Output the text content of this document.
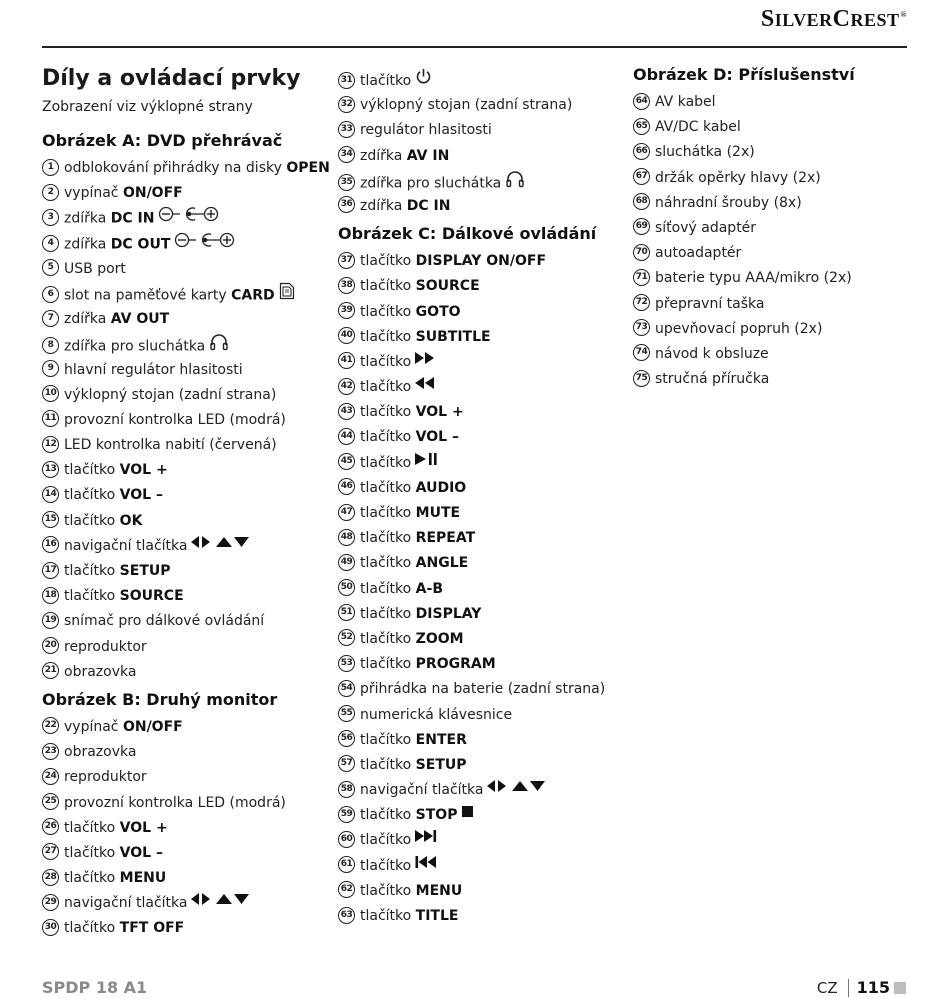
SILVERCREST®
Díly a ovládací prvky

Zobrazení viz výklopné strany

Obrázek A: DVD přehrávač
1 odblokování přihrádky na disky OPEN
2 vypínač ON/OFF
3 zdířka DC IN
4 zdířka DC OUT
5 USB port
6 slot na paměťové karty CARD
7 zdířka AV OUT
8 zdířka pro sluchátka
9 hlavní regulátor hlasitosti
10 výklopný stojan (zadní strana)
11 provozní kontrolka LED (modrá)
12 LED kontrolka nabití (červená)
13 tlačítko VOL +
14 tlačítko VOL –
15 tlačítko OK
16 navigační tlačítka
17 tlačítko SETUP
18 tlačítko SOURCE
19 snímač pro dálkové ovládání
20 reproduktor
21 obrazovka
Obrázek B: Druhý monitor
22 vypínač ON/OFF
23 obrazovka
24 reproduktor
25 provozní kontrolka LED (modrá)
26 tlačítko VOL +
27 tlačítko VOL –
28 tlačítko MENU
29 navigační tlačítka
30 tlačítko TFT OFF
31 tlačítko
32 výklopný stojan (zadní strana)
33 regulátor hlasitosti
34 zdířka AV IN
35 zdířka pro sluchátka
36 zdířka DC IN
Obrázek C: Dálkové ovládání
37 tlačítko DISPLAY ON/OFF
38 tlačítko SOURCE
39 tlačítko GOTO
40 tlačítko SUBTITLE
41 tlačítko
42 tlačítko
43 tlačítko VOL +
44 tlačítko VOL –
45 tlačítko
46 tlačítko AUDIO
47 tlačítko MUTE
48 tlačítko REPEAT
49 tlačítko ANGLE
50 tlačítko A-B
51 tlačítko DISPLAY
52 tlačítko ZOOM
53 tlačítko PROGRAM
54 přihrádka na baterie (zadní strana)
55 numerická klávesnice
56 tlačítko ENTER
57 tlačítko SETUP
58 navigační tlačítka
59 tlačítko STOP
60 tlačítko
61 tlačítko
62 tlačítko MENU
63 tlačítko TITLE
Obrázek D: Příslušenství
64 AV kabel
65 AV/DC kabel
66 sluchátka (2x)
67 držák opěrky hlavy (2x)
68 náhradní šrouby (8x)
69 síťový adaptér
70 autoadaptér
71 baterie typu AAA/mikro (2x)
72 přepravní taška
73 upevňovací popruh (2x)
74 návod k obsluze
75 stručná příručka
SPDP 18 A1	CZ 115
